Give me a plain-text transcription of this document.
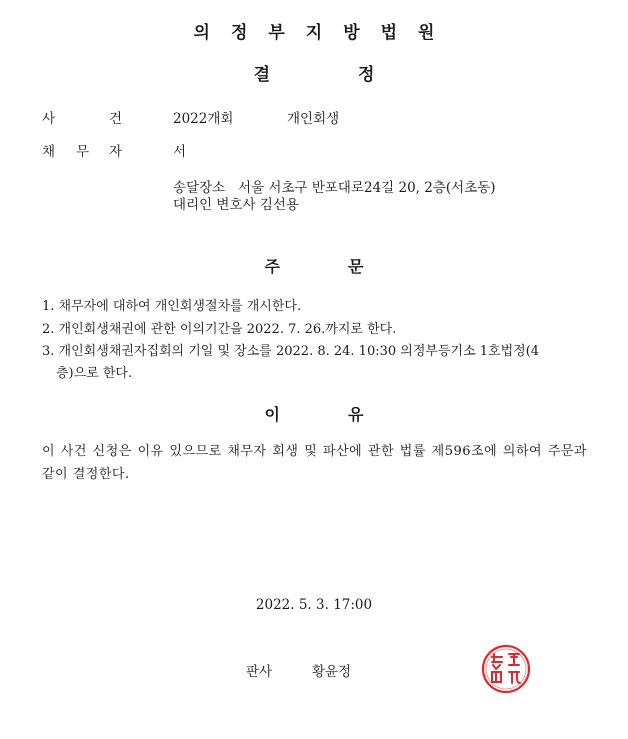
의정부지방법원
결	정
사	건	2022개회	개인회생
채 무 자	서
송달장소   서울 서초구 반포대로24길 20, 2층(서초동)
대리인 변호사 김선용
주	문
1. 채무자에 대하여 개인회생절차를 개시한다.
2. 개인회생채권에 관한 이의기간을 2022. 7. 26.까지로 한다.
3. 개인회생채권자집회의 기일 및 장소를 2022. 8. 24. 10:30 의정부등기소 1호법정(4
층)으로 한다.
이	유
이 사건 신청은 이유 있으므로 채무자 회생 및 파산에 관한 법률 제596조에 의하여 주문과 같이 결정한다.
2022. 5. 3. 17:00
판사	황윤정
